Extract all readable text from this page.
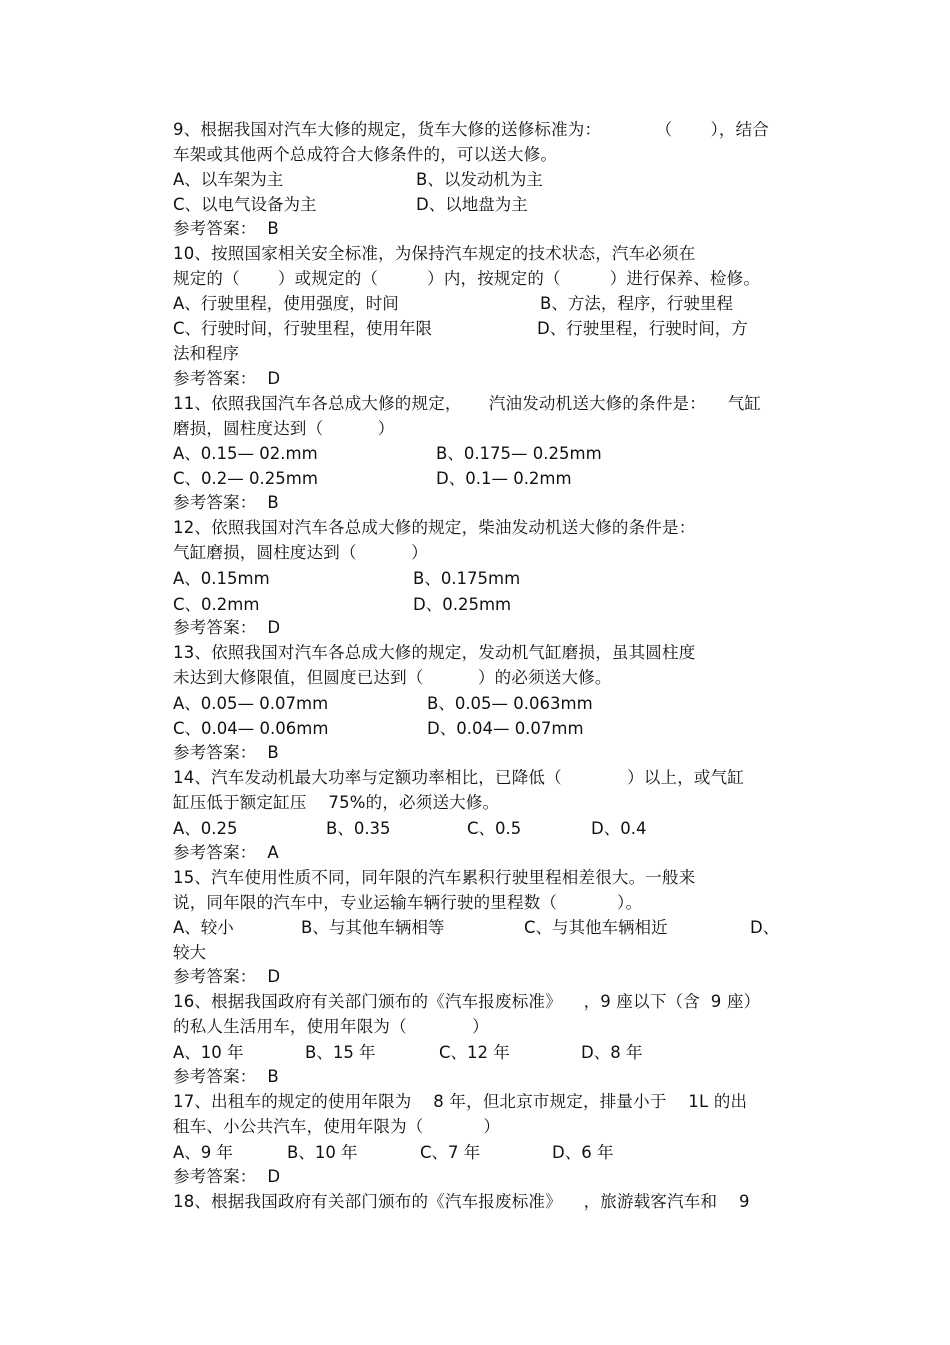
9、根据我国对汽车大修的规定，货车大修的送修标准为：          （       ），结合
车架或其他两个总成符合大修条件的，可以送大修。
A、以车架为主	B、以发动机为主
C、以电气设备为主	D、以地盘为主
参考答案：  B
10、按照国家相关安全标准，为保持汽车规定的技术状态，汽车必须在
规定的（       ）或规定的（         ）内，按规定的（         ）进行保养、检修。
A、行驶里程，使用强度，时间	B、方法，程序，行驶里程
C、行驶时间，行驶里程，使用年限	D、行驶里程，行驶时间，方
法和程序
参考答案：  D
11、依照我国汽车各总成大修的规定，     汽油发动机送大修的条件是：    气缸
磨损，圆柱度达到（          ）
A、0.15— 02.mm	B、0.175— 0.25mm
C、0.2— 0.25mm	D、0.1— 0.2mm
参考答案：  B
12、依照我国对汽车各总成大修的规定，柴油发动机送大修的条件是：
气缸磨损，圆柱度达到（          ）
A、0.15mm	B、0.175mm
C、0.2mm	D、0.25mm
参考答案：  D
13、依照我国对汽车各总成大修的规定，发动机气缸磨损，虽其圆柱度
未达到大修限值，但圆度已达到（          ）的必须送大修。
A、0.05— 0.07mm	B、0.05— 0.063mm
C、0.04— 0.06mm	D、0.04— 0.07mm
参考答案：  B
14、汽车发动机最大功率与定额功率相比，已降低（            ）以上，或气缸
缸压低于额定缸压    75%的，必须送大修。
A、0.25	B、0.35	C、0.5	D、0.4
参考答案：  A
15、汽车使用性质不同，同年限的汽车累积行驶里程相差很大。一般来
说，同年限的汽车中，专业运输车辆行驶的里程数（           ）。
A、较小	B、与其他车辆相等	C、与其他车辆相近	D、
较大
参考答案：  D
16、根据我国政府有关部门颁布的《汽车报废标准》    ，9 座以下（含  9 座）
的私人生活用车，使用年限为（            ）
A、10 年	B、15 年	C、12 年	D、8 年
参考答案：  B
17、出租车的规定的使用年限为    8 年，但北京市规定，排量小于    1L 的出
租车、小公共汽车，使用年限为（           ）
A、9 年	B、10 年	C、7 年	D、6 年
参考答案：  D
18、根据我国政府有关部门颁布的《汽车报废标准》    ，旅游载客汽车和    9
